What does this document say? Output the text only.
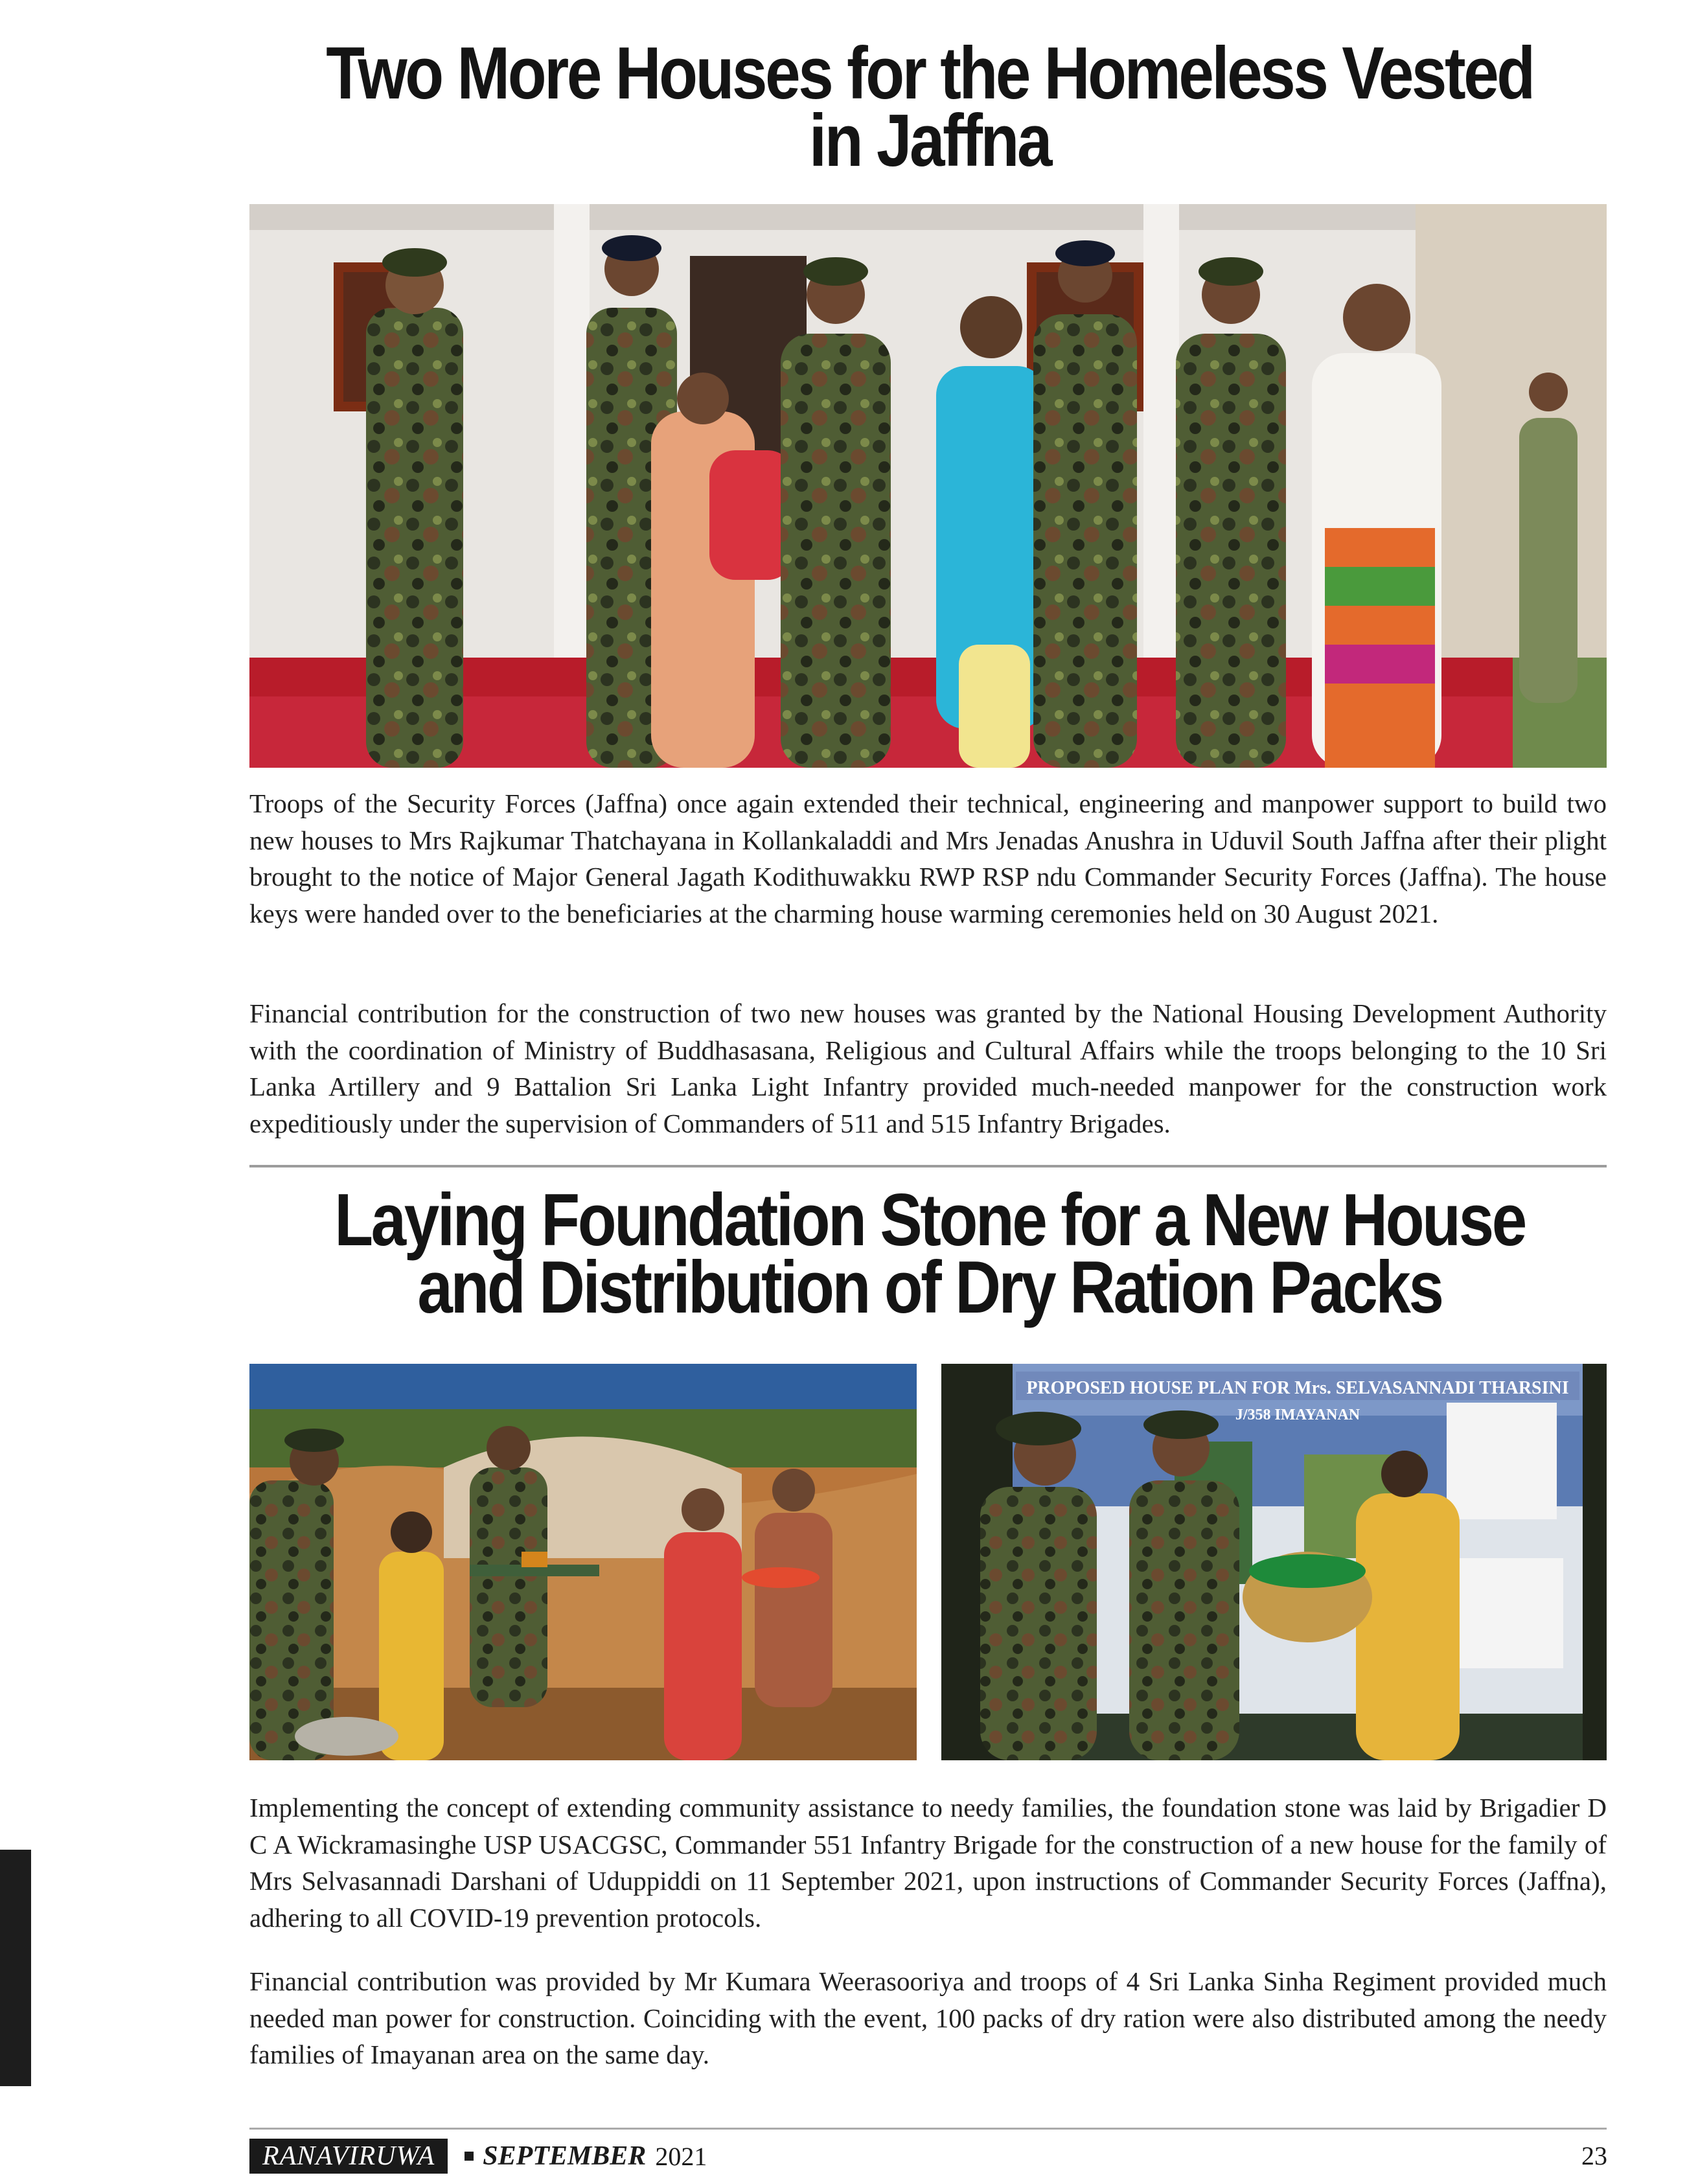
Two More Houses for the Homeless Vested in Jaffna

Troops of the Security Forces (Jaffna) once again extended their technical, engineering and manpower support to build two new houses to Mrs Rajkumar Thatchayana in Kollankaladdi and Mrs Jenadas Anushra in Uduvil South Jaffna after their plight brought to the notice of Major General Jagath Kodithuwakku RWP RSP ndu Commander Security Forces (Jaffna). The house keys were handed over to the beneficiaries at the charming house warming ceremonies held on 30 August 2021.

Financial contribution for the construction of two new houses was granted by the National Housing Development Authority with the coordination of Ministry of Buddhasasana, Religious and Cultural Affairs while the troops belonging to the 10 Sri Lanka Artillery and 9 Battalion Sri Lanka Light Infantry provided much-needed manpower for the construction work expeditiously under the supervision of Commanders of 511 and 515 Infantry Brigades.

Laying Foundation Stone for a New House and Distribution of Dry Ration Packs
PROPOSED HOUSE PLAN FOR Mrs. SELVASANNADI THARSINI
J/358 IMAYANAN

Implementing the concept of extending community assistance to needy families, the foundation stone was laid by Brigadier D C A Wickramasinghe USP USACGSC, Commander 551 Infantry Brigade for the construction of a new house for the family of Mrs Selvasannadi Darshani of Uduppiddi on 11 September 2021, upon instructions of Commander Security Forces (Jaffna), adhering to all COVID-19 prevention protocols.

Financial contribution was provided by Mr Kumara Weerasooriya and troops of 4 Sri Lanka Sinha Regiment provided much needed man power for construction. Coinciding with the event, 100 packs of dry ration were also distributed among the needy families of Imayanan area on the same day.

RANAVIRUWA	SEPTEMBER 2021	23
